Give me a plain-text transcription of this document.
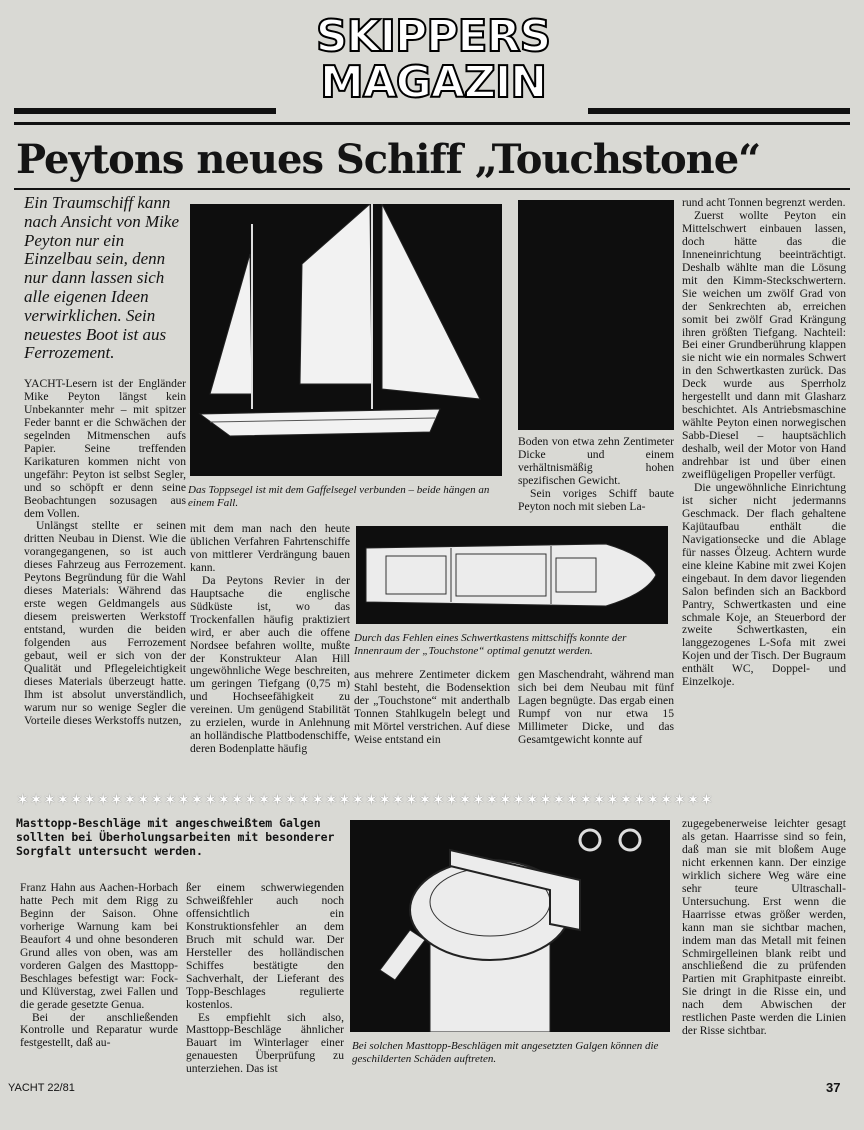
SKIPPERS
MAGAZIN
Peytons neues Schiff „Touchstone“
Ein Traumschiff kann nach Ansicht von Mike Peyton nur ein Einzelbau sein, denn nur dann lassen sich alle eigenen Ideen verwirklichen. Sein neuestes Boot ist aus Ferrozement.
Das Toppsegel ist mit dem Gaffelsegel verbunden – beide hängen an einem Fall.

YACHT-Lesern ist der Engländer Mike Peyton längst kein Unbekannter mehr – mit spitzer Feder bannt er die Schwächen der segelnden Mitmenschen aufs Papier. Seine treffenden Karikaturen kommen nicht von ungefähr: Peyton ist selbst Segler, und so schöpft er denn seine Beobachtungen sozusagen aus dem Vollen.

Unlängst stellte er seinen dritten Neubau in Dienst. Wie die vorangegangenen, so ist auch dieses Fahrzeug aus Ferrozement. Peytons Begründung für die Wahl dieses Materials: Während das erste wegen Geldmangels aus diesem preiswerten Werkstoff entstand, wurden die beiden folgenden aus Ferrozement gebaut, weil er sich von der Qualität und Pflegeleichtigkeit dieses Materials überzeugt hatte. Ihm ist absolut unverständlich, warum nur so wenige Segler die Vorteile dieses Werkstoffs nutzen,

mit dem man nach den heute üblichen Verfahren Fahrtenschiffe von mittlerer Verdrängung bauen kann.

Da Peytons Revier in der Hauptsache die englische Südküste ist, wo das Trockenfallen häufig praktiziert wird, er aber auch die offene Nordsee befahren wollte, mußte der Konstrukteur Alan Hill ungewöhnliche Wege beschreiten, um geringen Tiefgang (0,75 m) und Hochseefähigkeit zu vereinen. Um genügend Stabilität zu erzielen, wurde in Anlehnung an holländische Plattbodenschiffe, deren Bodenplatte häufig

Boden von etwa zehn Zentimeter Dicke und einem verhältnismäßig hohen spezifischen Gewicht.

Sein voriges Schiff baute Peyton noch mit sieben La-

Durch das Fehlen eines Schwertkastens mittschiffs konnte der Innenraum der „Touchstone“ optimal genutzt werden.

aus mehrere Zentimeter dickem Stahl besteht, die Bodensektion der „Touchstone“ mit anderthalb Tonnen Stahlkugeln belegt und mit Mörtel verstrichen. Auf diese Weise entstand ein

gen Maschendraht, während man sich bei dem Neubau mit fünf Lagen begnügte. Das ergab einen Rumpf von nur etwa 15 Millimeter Dicke, und das Gesamtgewicht konnte auf

rund acht Tonnen begrenzt werden.

Zuerst wollte Peyton ein Mittelschwert einbauen lassen, doch hätte das die Inneneinrichtung beeinträchtigt. Deshalb wählte man die Lösung mit den Kimm-Steckschwertern. Sie weichen um zwölf Grad von der Senkrechten ab, erreichen somit bei zwölf Grad Krängung ihren größten Tiefgang. Nachteil: Bei einer Grundberührung klappen sie nicht wie ein normales Schwert in den Schwertkasten zurück. Das Deck wurde aus Sperrholz hergestellt und dann mit Glasharz beschichtet. Als Antriebsmaschine wählte Peyton einen norwegischen Sabb-Diesel – hauptsächlich deshalb, weil der Motor von Hand andrehbar ist und über einen zweiflügeligen Propeller verfügt.

Die ungewöhnliche Einrichtung ist sicher nicht jedermanns Geschmack. Der flach gehaltene Kajütaufbau enthält die Navigationsecke und die Ablage für nasses Ölzeug. Achtern wurde eine kleine Kabine mit zwei Kojen eingebaut. In dem davor liegenden Salon befinden sich an Backbord Pantry, Schwertkasten und eine schmale Koje, an Steuerbord der zweite Schwertkasten, ein langgezogenes L-Sofa mit zwei Kojen und der Tisch. Der Bugraum enthält WC, Doppel- und Einzelkoje.

✶✶✶✶✶✶✶✶✶✶✶✶✶✶✶✶✶✶✶✶✶✶✶✶✶✶✶✶✶✶✶✶✶✶✶✶✶✶✶✶✶✶✶✶✶✶✶✶✶✶✶✶
Masttopp-Beschläge mit angeschweißtem Galgen sollten bei Überholungsarbeiten mit besonderer Sorgfalt untersucht werden.

Franz Hahn aus Aachen-Horbach hatte Pech mit dem Rigg zu Beginn der Saison. Ohne vorherige Warnung kam bei Beaufort 4 und ohne besonderen Grund alles von oben, was am vorderen Galgen des Masttopp-Beschlages befestigt war: Fock- und Klüverstag, zwei Fallen und die gerade gesetzte Genua.

Bei der anschließenden Kontrolle und Reparatur wurde festgestellt, daß au-

ßer einem schwerwiegenden Schweißfehler auch noch offensichtlich ein Konstruktionsfehler an dem Bruch mit schuld war. Der Hersteller des holländischen Schiffes bestätigte den Sachverhalt, der Lieferant des Topp-Beschlages regulierte kostenlos.

Es empfiehlt sich also, Masttopp-Beschläge ähnlicher Bauart im Winterlager einer genauesten Überprüfung zu unterziehen. Das ist

Bei solchen Masttopp-Beschlägen mit angesetzten Galgen können die geschilderten Schäden auftreten.

zugegebenerweise leichter gesagt als getan. Haarrisse sind so fein, daß man sie mit bloßem Auge nicht erkennen kann. Der einzige wirklich sichere Weg wäre eine sehr teure Ultraschall-Untersuchung. Erst wenn die Haarrisse etwas größer werden, kann man sie sichtbar machen, indem man das Metall mit feinen Schmirgelleinen blank reibt und anschließend die zu prüfenden Partien mit Graphitpaste einreibt. Sie dringt in die Risse ein, und nach dem Abwischen der restlichen Paste werden die Linien der Risse sichtbar.

YACHT 22/81	37
